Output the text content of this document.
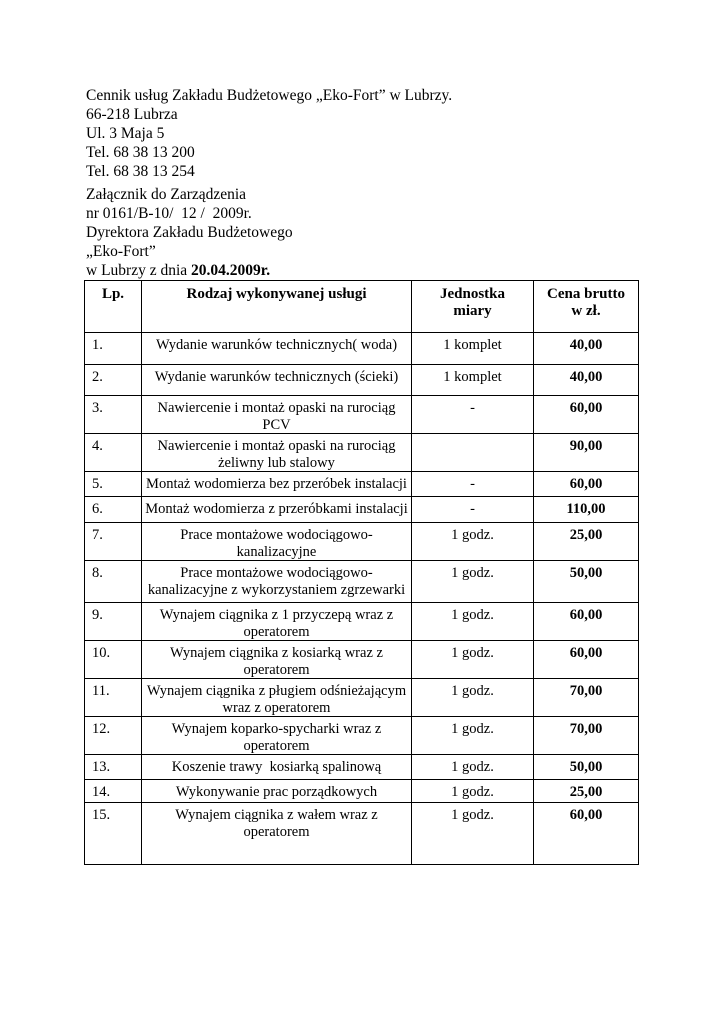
Cennik usług Zakładu Budżetowego „Eko-Fort” w Lubrzy.
66-218 Lubrza
Ul. 3 Maja 5
Tel. 68 38 13 200
Tel. 68 38 13 254
Załącznik do Zarządzenia
nr 0161/B-10/  12 /  2009r.
Dyrektora Zakładu Budżetowego
„Eko-Fort”
w Lubrzy z dnia 20.04.2009r.
Lp.	Rodzaj wykonywanej usługi	Jednostka miary	Cena brutto w zł.
1.	Wydanie warunków technicznych( woda)	1 komplet	40,00
2.	Wydanie warunków technicznych (ścieki)	1 komplet	40,00
3.	Nawiercenie i montaż opaski na rurociąg PCV	-	60,00
4.	Nawiercenie i montaż opaski na rurociąg żeliwny lub stalowy		90,00
5.	Montaż wodomierza bez przeróbek instalacji	-	60,00
6.	Montaż wodomierza z przeróbkami instalacji	-	110,00
7.	Prace montażowe wodociągowo-kanalizacyjne	1 godz.	25,00
8.	Prace montażowe wodociągowo-kanalizacyjne z wykorzystaniem zgrzewarki	1 godz.	50,00
9.	Wynajem ciągnika z 1 przyczepą wraz z operatorem	1 godz.	60,00
10.	Wynajem ciągnika z kosiarką wraz z operatorem	1 godz.	60,00
11.	Wynajem ciągnika z pługiem odśnieżającym wraz z operatorem	1 godz.	70,00
12.	Wynajem koparko-spycharki wraz z operatorem	1 godz.	70,00
13.	Koszenie trawy  kosiarką spalinową	1 godz.	50,00
14.	Wykonywanie prac porządkowych	1 godz.	25,00
15.	Wynajem ciągnika z wałem wraz z operatorem	1 godz.	60,00
